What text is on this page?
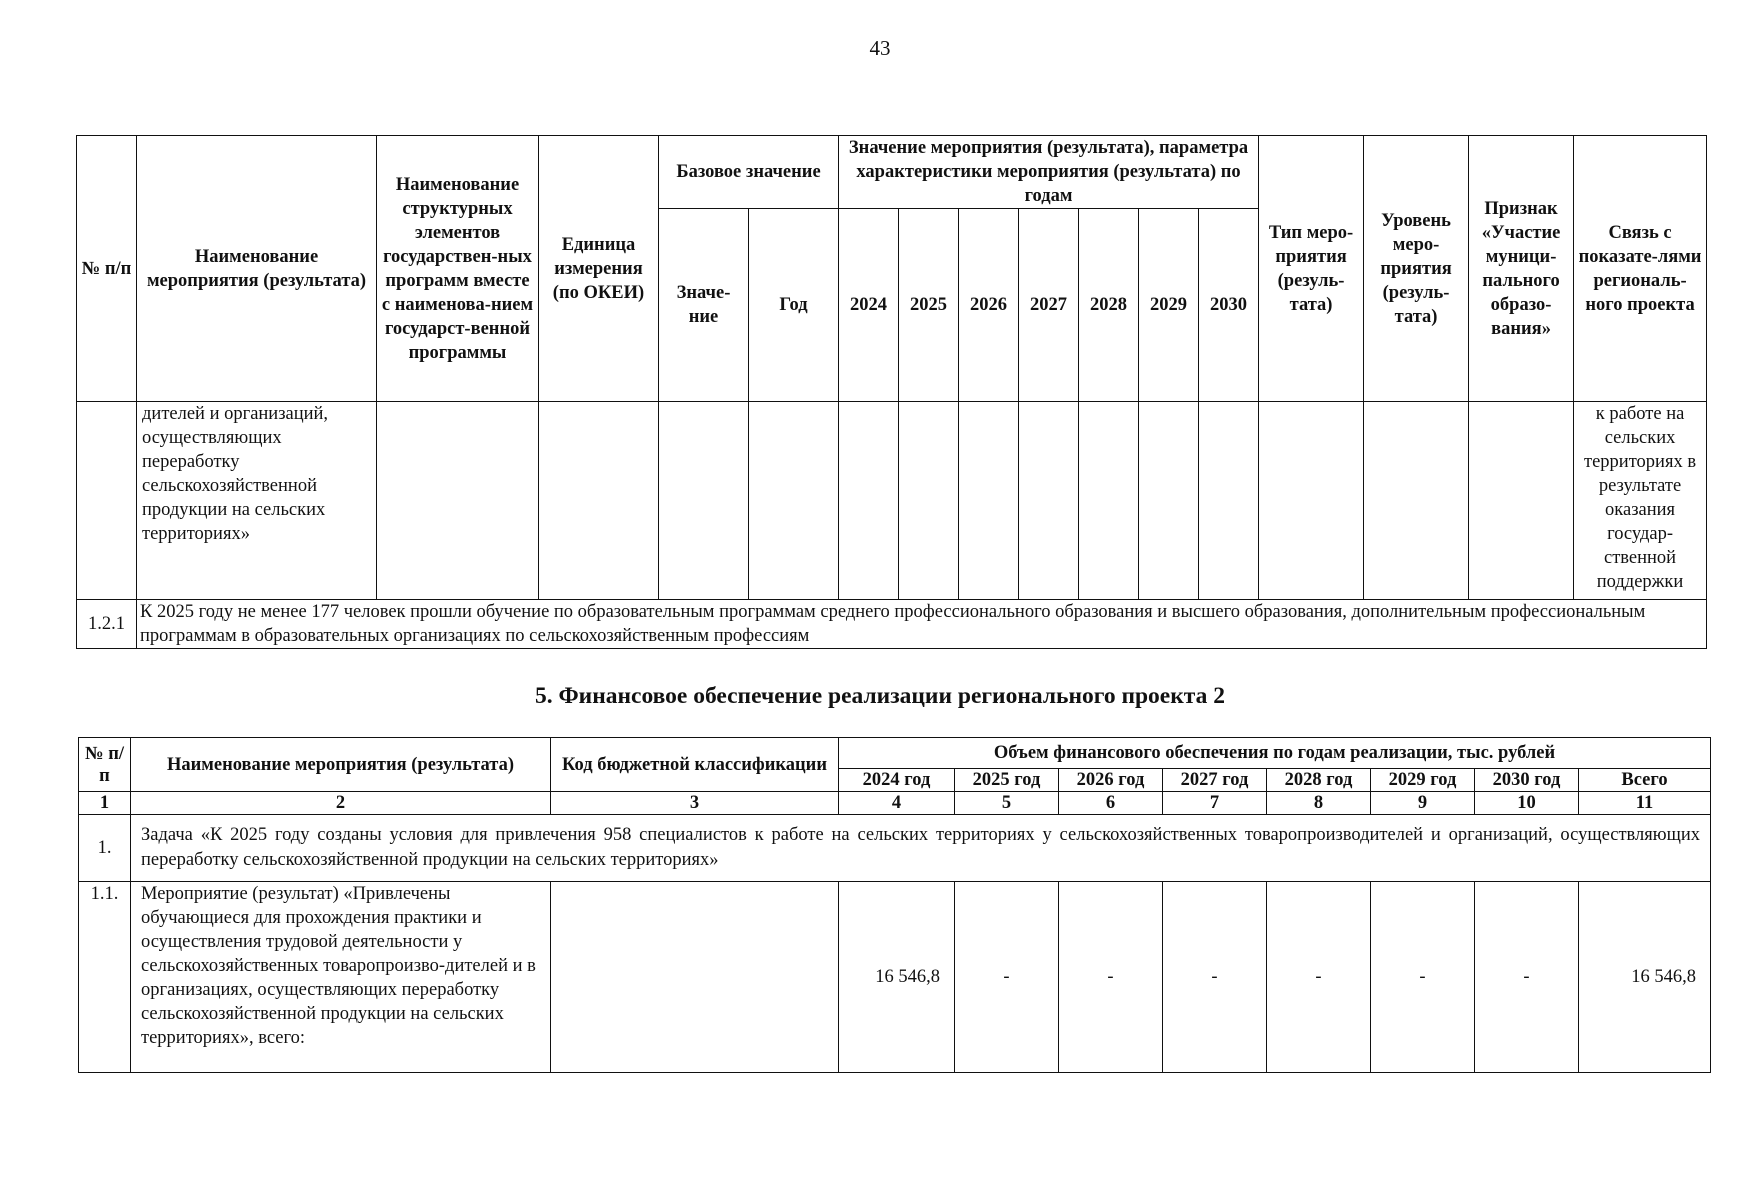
43
№ п/п	Наименование мероприятия (результата)	Наименование структурных элементов государствен-ных программ вместе с наименова-нием государст-венной программы	Единица измерения (по ОКЕИ)	Базовое значение		Значение мероприятия (результата), параметра характеристики мероприятия (результата) по годам							Тип меро-приятия (резуль-тата)	Уровень меро-приятия (резуль-тата)	Признак «Участие муници-пального образо-вания»	Связь с показате-лями региональ-ного проекта
				Значе-ние	Год	2024	2025	2026	2027	2028	2029	2030				
	дителей и организаций, осуществляющих переработку сельскохозяйственной продукции на сельских территориях»															к работе на сельских территориях в результате оказания государ-ственной поддержки
1.2.1	К 2025 году не менее 177 человек прошли обучение по образовательным программам среднего профессионального образования и высшего образования, дополнительным профессиональным программам в образовательных организациях по сельскохозяйственным профессиям															
5. Финансовое обеспечение реализации регионального проекта 2
№ п/п	Наименование мероприятия (результата)	Код бюджетной классификации	Объем финансового обеспечения по годам реализации, тыс. рублей							
			2024 год	2025 год	2026 год	2027 год	2028 год	2029 год	2030 год	Всего
1	2	3	4	5	6	7	8	9	10	11
1.	Задача «К 2025 году созданы условия для привлечения 958 специалистов к работе на сельских территориях у сельскохозяйственных товаропроизводителей и организаций, осуществляющих переработку сельскохозяйственной продукции на сельских территориях»									
1.1.	Мероприятие (результат) «Привлечены обучающиеся для прохождения практики и осуществления трудовой деятельности у сельскохозяйственных товаропроизво-дителей и в организациях, осуществляющих переработку сельскохозяйственной продукции на сельских территориях», всего:		16 546,8	-	-	-	-	-	-	16 546,8
